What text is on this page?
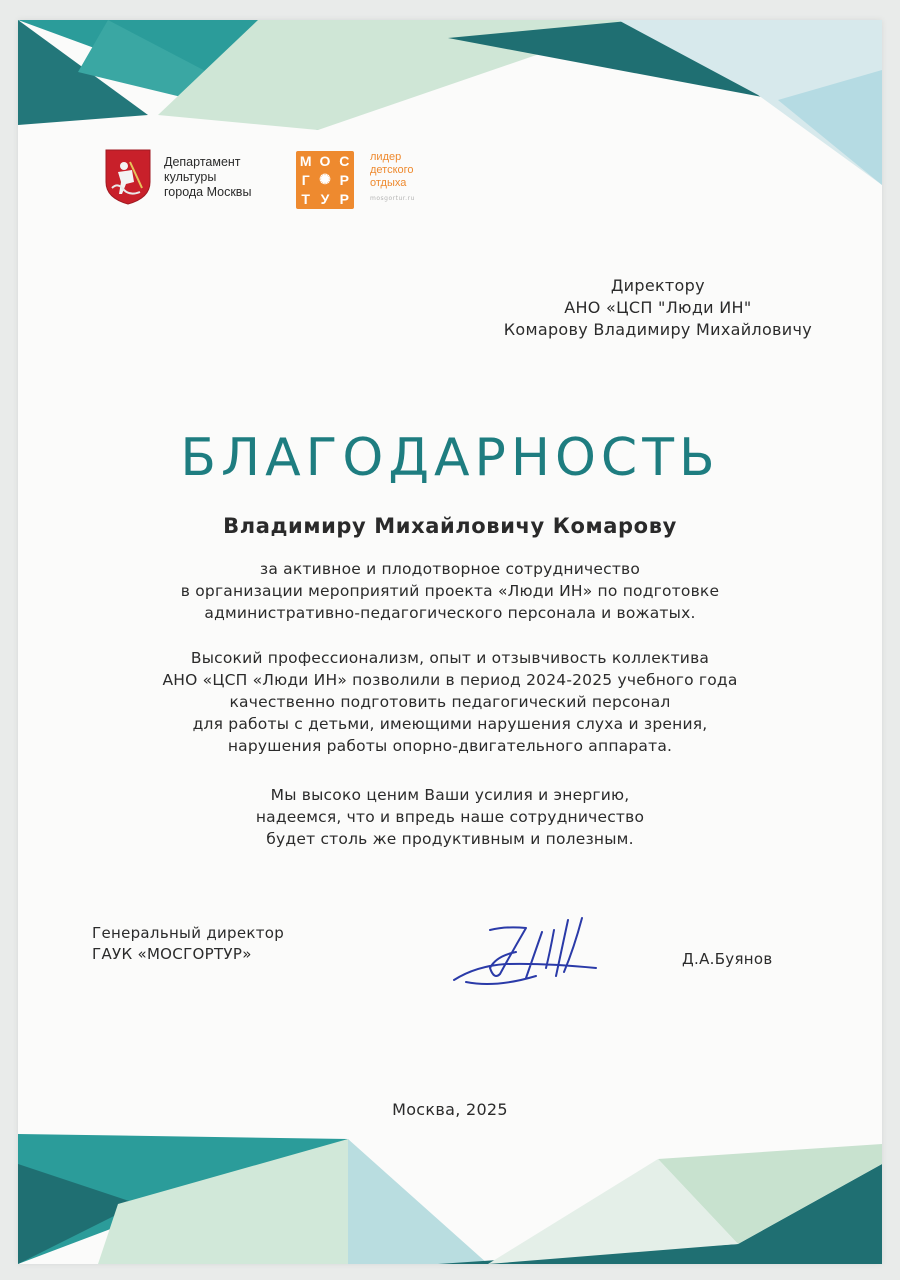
Департамент
культуры
города Москвы
М О С
Г ✺ Р
Т У Р
лидер
детского
отдыха
mosgortur.ru
Директору
АНО «ЦСП "Люди ИН"
Комарову Владимиру Михайловичу
БЛАГОДАРНОСТЬ
Владимиру Михайловичу Комарову
за активное и плодотворное сотрудничество
в организации мероприятий проекта «Люди ИН» по подготовке
административно-педагогического персонала и вожатых.
Высокий профессионализм, опыт и отзывчивость коллектива
АНО «ЦСП «Люди ИН» позволили в период 2024-2025 учебного года
качественно подготовить педагогический персонал
для работы с детьми, имеющими нарушения слуха и зрения,
нарушения работы опорно-двигательного аппарата.
Мы высоко ценим Ваши усилия и энергию,
надеемся, что и впредь наше сотрудничество
будет столь же продуктивным и полезным.
Генеральный директор
ГАУК «МОСГОРТУР»	Д.А.Буянов
Москва, 2025
